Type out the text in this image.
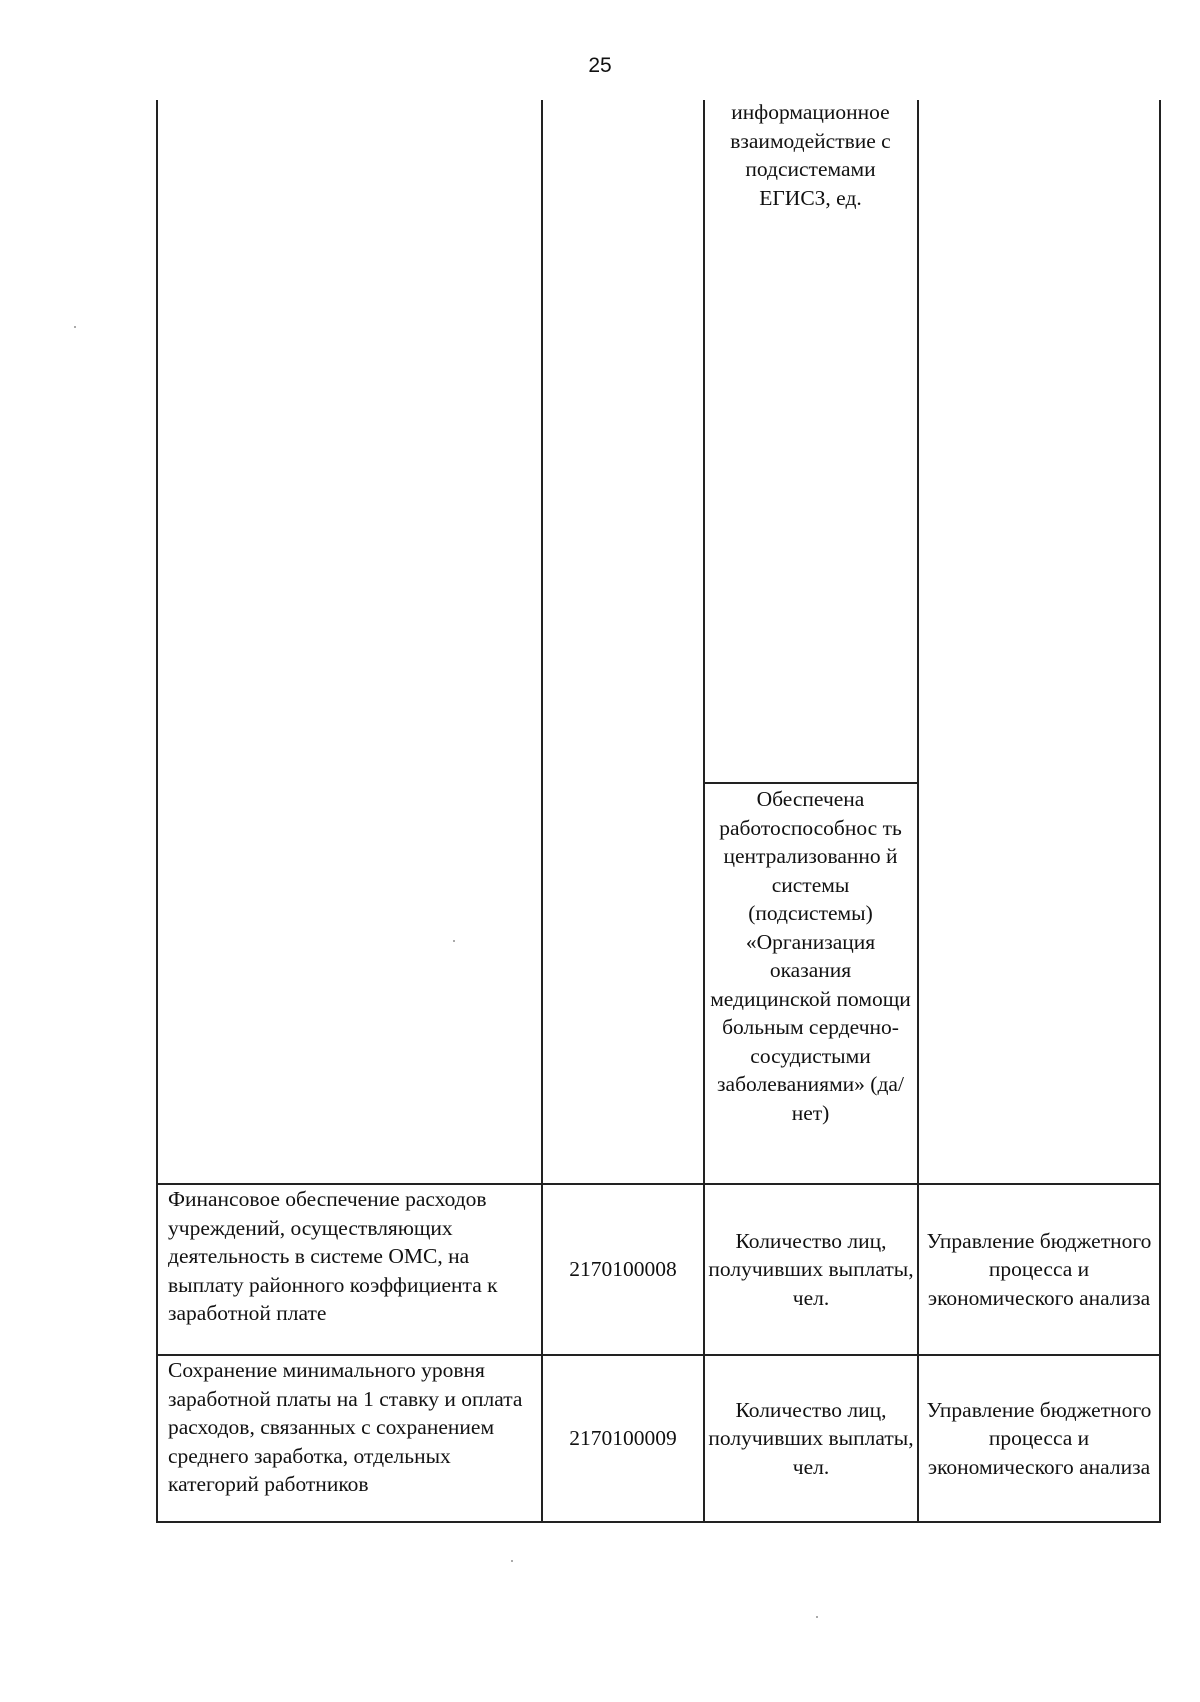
25
информационное взаимодействие с подсистемами ЕГИСЗ, ед.
Обеспечена работоспособнос ть централизованно й системы (подсистемы) «Организация оказания медицинской помощи больным сердечно-сосудистыми заболеваниями» (да/нет)
Финансовое обеспечение расходов учреждений, осуществляющих деятельность в системе ОМС, на выплату районного коэффициента к заработной плате
2170100008
Количество лиц, получивших выплаты, чел.
Управление бюджетного процесса и экономического анализа
Сохранение минимального уровня заработной платы на 1 ставку и оплата расходов, связанных с сохранением среднего заработка, отдельных категорий работников
2170100009
Количество лиц, получивших выплаты, чел.
Управление бюджетного процесса и экономического анализа
